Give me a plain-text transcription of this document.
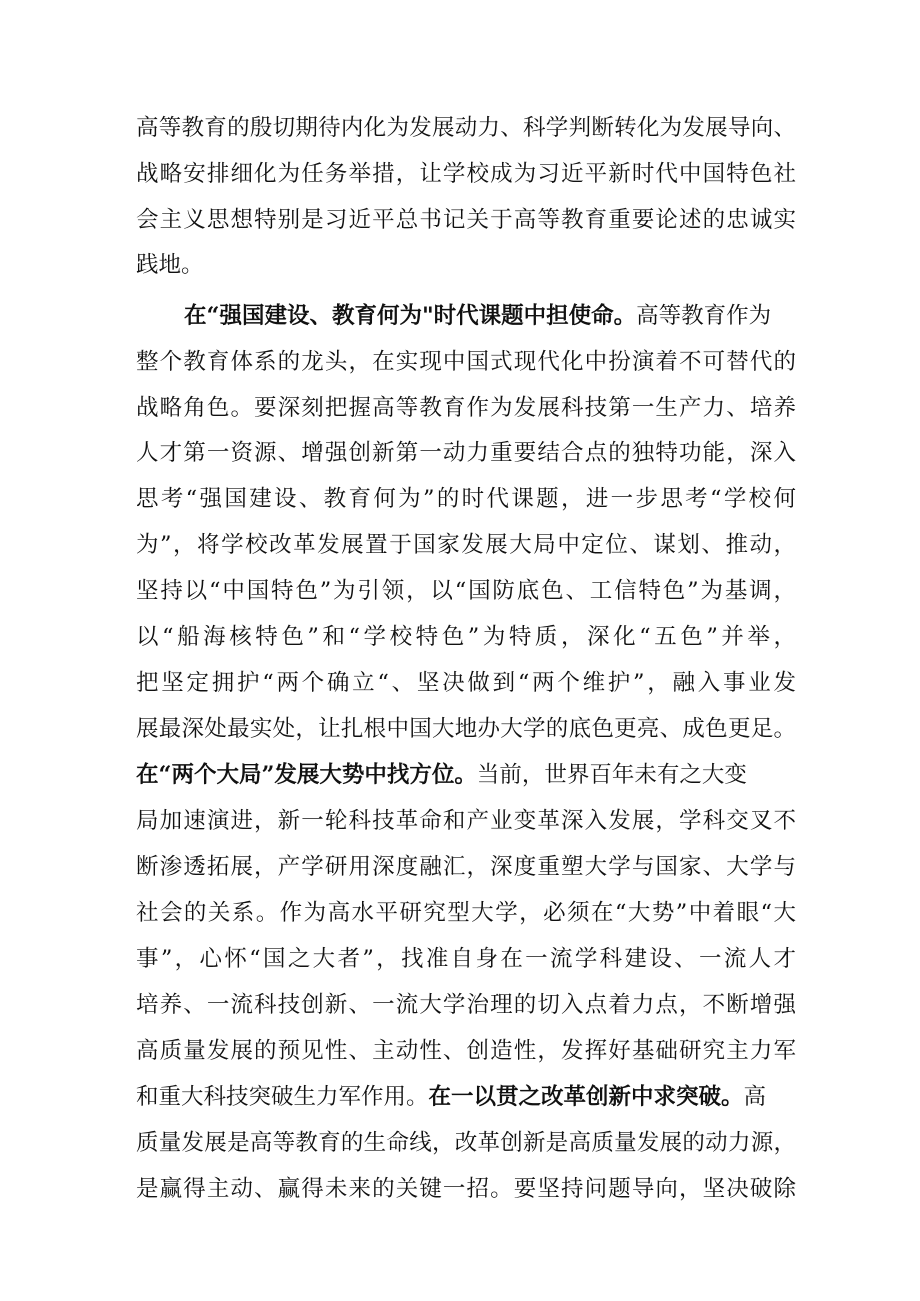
高等教育的殷切期待内化为发展动力、科学判断转化为发展导向、
战略安排细化为任务举措，让学校成为习近平新时代中国特色社
会主义思想特别是习近平总书记关于高等教育重要论述的忠诚实
践地。
在“强国建设、教育何为"时代课题中担使命。高等教育作为
整个教育体系的龙头，在实现中国式现代化中扮演着不可替代的
战略角色。要深刻把握高等教育作为发展科技第一生产力、培养
人才第一资源、增强创新第一动力重要结合点的独特功能，深入
思考“强国建设、教育何为”的时代课题，进一步思考“学校何
为”，将学校改革发展置于国家发展大局中定位、谋划、推动，
坚持以“中国特色”为引领，以“国防底色、工信特色”为基调，
以“船海核特色”和“学校特色”为特质，深化“五色”并举，
把坚定拥护“两个确立“、坚决做到“两个维护”，融入事业发
展最深处最实处，让扎根中国大地办大学的底色更亮、成色更足。
在“两个大局”发展大势中找方位。当前，世界百年未有之大变
局加速演进，新一轮科技革命和产业变革深入发展，学科交叉不
断渗透拓展，产学研用深度融汇，深度重塑大学与国家、大学与
社会的关系。作为高水平研究型大学，必须在“大势”中着眼“大
事”，心怀“国之大者”，找准自身在一流学科建设、一流人才
培养、一流科技创新、一流大学治理的切入点着力点，不断增强
高质量发展的预见性、主动性、创造性，发挥好基础研究主力军
和重大科技突破生力军作用。在一以贯之改革创新中求突破。高
质量发展是高等教育的生命线，改革创新是高质量发展的动力源，
是赢得主动、赢得未来的关键一招。要坚持问题导向，坚决破除
